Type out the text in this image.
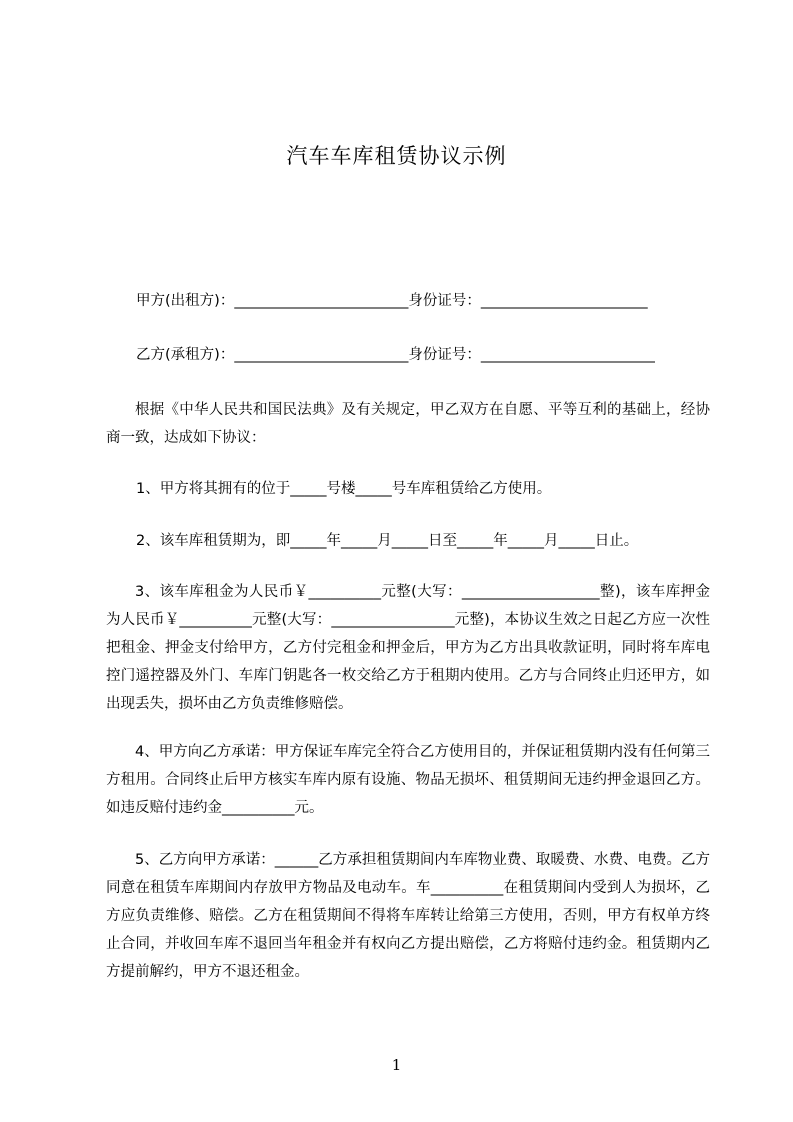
汽车车库租赁协议示例
甲方(出租方)：________________________身份证号：_______________________
乙方(承租方)：________________________身份证号：________________________
根据《中华人民共和国民法典》及有关规定，甲乙双方在自愿、平等互利的基础上，经协商一致，达成如下协议：
1、甲方将其拥有的位于_____号楼_____号车库租赁给乙方使用。
2、该车库租赁期为，即_____年_____月_____日至_____年_____月_____日止。
3、该车库租金为人民币￥__________元整(大写：___________________整)，该车库押金为人民币￥__________元整(大写：_________________元整)，本协议生效之日起乙方应一次性把租金、押金支付给甲方，乙方付完租金和押金后，甲方为乙方出具收款证明，同时将车库电控门遥控器及外门、车库门钥匙各一枚交给乙方于租期内使用。乙方与合同终止归还甲方，如出现丢失，损坏由乙方负责维修赔偿。
4、甲方向乙方承诺：甲方保证车库完全符合乙方使用目的，并保证租赁期内没有任何第三方租用。合同终止后甲方核实车库内原有设施、物品无损坏、租赁期间无违约押金退回乙方。如违反赔付违约金__________元。
5、乙方向甲方承诺：______乙方承担租赁期间内车库物业费、取暖费、水费、电费。乙方同意在租赁车库期间内存放甲方物品及电动车。车__________在租赁期间内受到人为损坏，乙方应负责维修、赔偿。乙方在租赁期间不得将车库转让给第三方使用，否则，甲方有权单方终止合同，并收回车库不退回当年租金并有权向乙方提出赔偿，乙方将赔付违约金。租赁期内乙方提前解约，甲方不退还租金。
1
